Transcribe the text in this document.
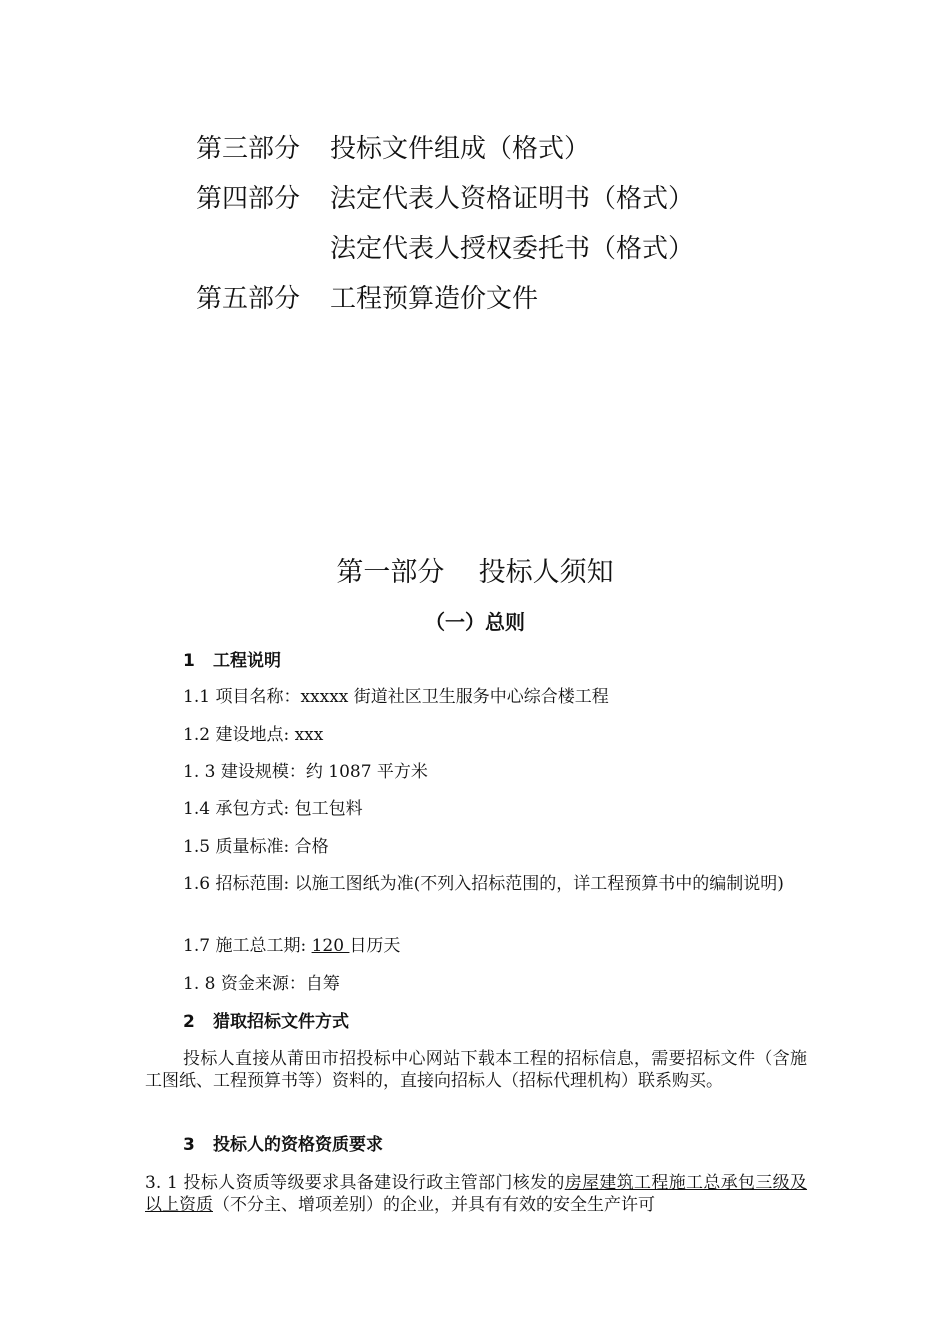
第三部分 投标文件组成（格式）
第四部分 法定代表人资格证明书（格式）
法定代表人授权委托书（格式）
第五部分 工程预算造价文件
第一部分    投标人须知
（一）总则
1 工程说明
1.1 项目名称：xxxxx 街道社区卫生服务中心综合楼工程
1.2 建设地点: xxx
1. 3 建设规模：约 1087 平方米
1.4 承包方式: 包工包料
1.5 质量标准: 合格
1.6 招标范围: 以施工图纸为准(不列入招标范围的，详工程预算书中的编制说明)
1.7 施工总工期: 120 日历天
1. 8 资金来源：自筹
2 猎取招标文件方式
投标人直接从莆田市招投标中心网站下载本工程的招标信息，需要招标文件（含施工图纸、工程预算书等）资料的，直接向招标人（招标代理机构）联系购买。
3 投标人的资格资质要求
3. 1 投标人资质等级要求具备建设行政主管部门核发的房屋建筑工程施工总承包三级及以上资质（不分主、增项差别）的企业，并具有有效的安全生产许可
